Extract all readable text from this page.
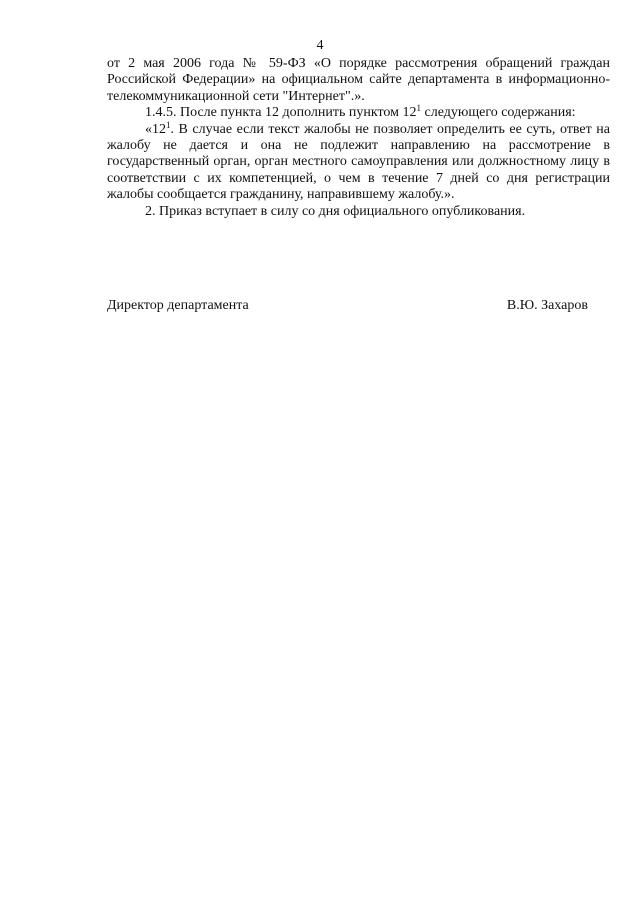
4

от 2 мая 2006 года № 59-ФЗ «О порядке рассмотрения обращений граждан Российской Федерации» на официальном сайте департамента в информационно-телекоммуникационной сети "Интернет".».

1.4.5. После пункта 12 дополнить пунктом $12^1$ следующего содержания:

«$12^1$. В случае если текст жалобы не позволяет определить ее суть, ответ на жалобу не дается и она не подлежит направлению на рассмотрение в государственный орган, орган местного самоуправления или должностному лицу в соответствии с их компетенцией, о чем в течение 7 дней со дня регистрации жалобы сообщается гражданину, направившему жалобу.».

2. Приказ вступает в силу со дня официального опубликования.

Директор департамента	В.Ю. Захаров
